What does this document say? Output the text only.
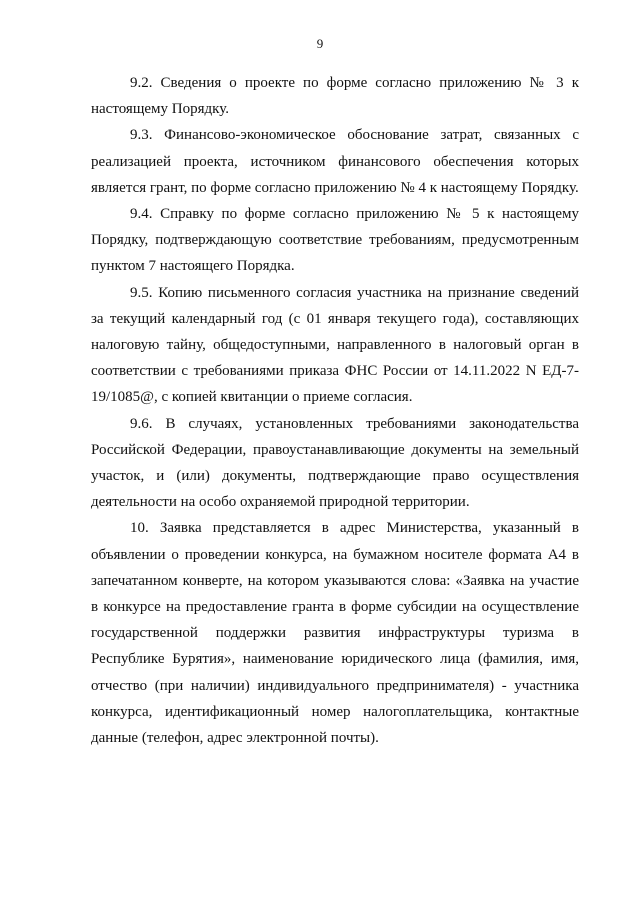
9

9.2. Сведения о проекте по форме согласно приложению № 3 к настоящему Порядку.

9.3. Финансово-экономическое обоснование затрат, связанных с реализацией проекта, источником финансового обеспечения которых является грант, по форме согласно приложению № 4 к настоящему Порядку.

9.4. Справку по форме согласно приложению № 5 к настоящему Порядку, подтверждающую соответствие требованиям, предусмотренным пунктом 7 настоящего Порядка.

9.5. Копию письменного согласия участника на признание сведений за текущий календарный год (с 01 января текущего года), составляющих налоговую тайну, общедоступными, направленного в налоговый орган в соответствии с требованиями приказа ФНС России от 14.11.2022 N ЕД-7-19/1085@, с копией квитанции о приеме согласия.

9.6. В случаях, установленных требованиями законодательства Российской Федерации, правоустанавливающие документы на земельный участок, и (или) документы, подтверждающие право осуществления деятельности на особо охраняемой природной территории.

10. Заявка представляется в адрес Министерства, указанный в объявлении о проведении конкурса, на бумажном носителе формата А4 в запечатанном конверте, на котором указываются слова: «Заявка на участие в конкурсе на предоставление гранта в форме субсидии на осуществление государственной поддержки развития инфраструктуры туризма в Республике Бурятия», наименование юридического лица (фамилия, имя, отчество (при наличии) индивидуального предпринимателя) - участника конкурса, идентификационный номер налогоплательщика, контактные данные (телефон, адрес электронной почты).
